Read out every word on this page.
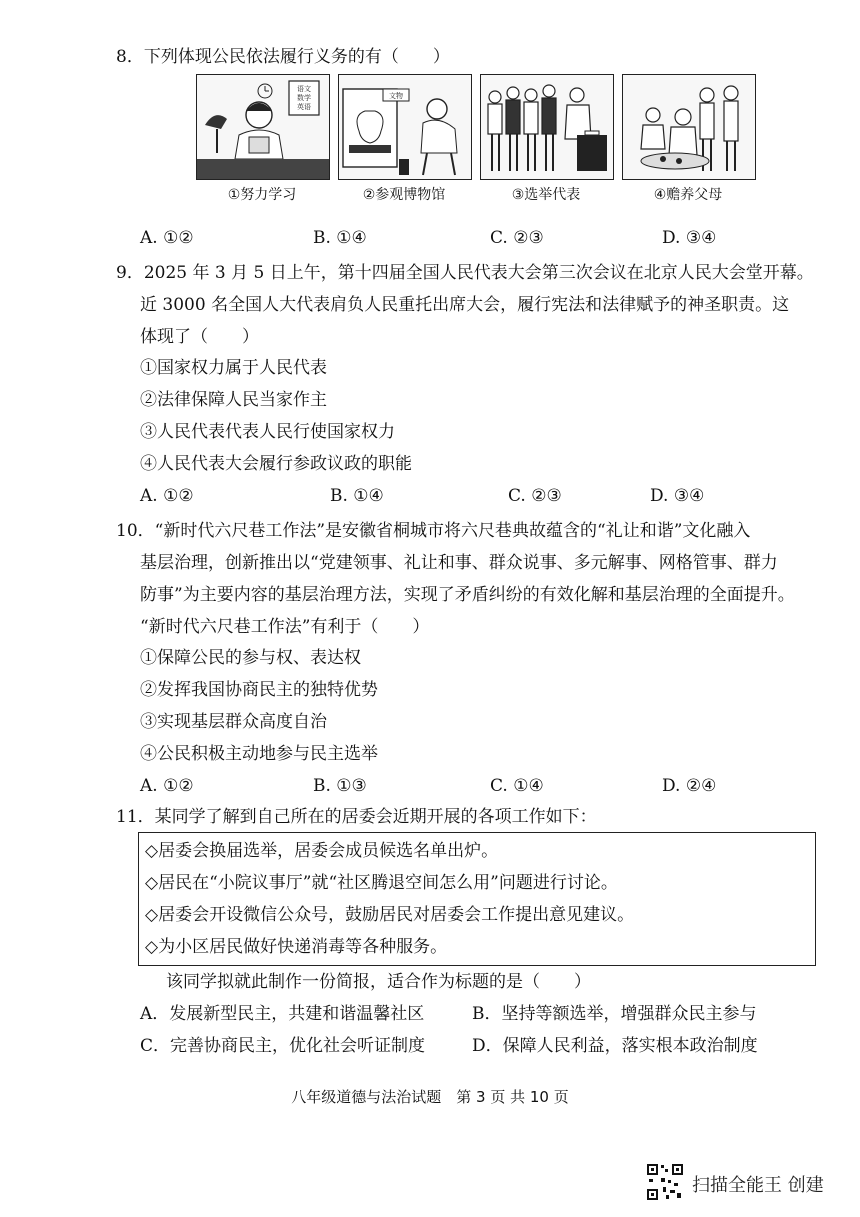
8．下列体现公民依法履行义务的有（　　）
语文
数学
英语
文物
①努力学习	②参观博物馆	③选举代表	④赡养父母
A. ①②	B. ①④	C. ②③	D. ③④
9．2025 年 3 月 5 日上午，第十四届全国人民代表大会第三次会议在北京人民大会堂开幕。
近 3000 名全国人大代表肩负人民重托出席大会，履行宪法和法律赋予的神圣职责。这
体现了（　　）
①国家权力属于人民代表
②法律保障人民当家作主
③人民代表代表人民行使国家权力
④人民代表大会履行参政议政的职能
A. ①②	B. ①④	C. ②③	D. ③④
10．“新时代六尺巷工作法”是安徽省桐城市将六尺巷典故蕴含的“礼让和谐”文化融入
基层治理，创新推出以“党建领事、礼让和事、群众说事、多元解事、网格管事、群力
防事”为主要内容的基层治理方法，实现了矛盾纠纷的有效化解和基层治理的全面提升。
“新时代六尺巷工作法”有利于（　　）
①保障公民的参与权、表达权
②发挥我国协商民主的独特优势
③实现基层群众高度自治
④公民积极主动地参与民主选举
A. ①②	B. ①③	C. ①④	D. ②④
11．某同学了解到自己所在的居委会近期开展的各项工作如下：
◇居委会换届选举，居委会成员候选名单出炉。
◇居民在“小院议事厅”就“社区腾退空间怎么用”问题进行讨论。
◇居委会开设微信公众号，鼓励居民对居委会工作提出意见建议。
◇为小区居民做好快递消毒等各种服务。
该同学拟就此制作一份简报，适合作为标题的是（　　）
A．发展新型民主，共建和谐温馨社区	B．坚持等额选举，增强群众民主参与
C．完善协商民主，优化社会听证制度	D．保障人民利益，落实根本政治制度
八年级道德与法治试题　第 3 页 共 10 页
扫描全能王 创建
